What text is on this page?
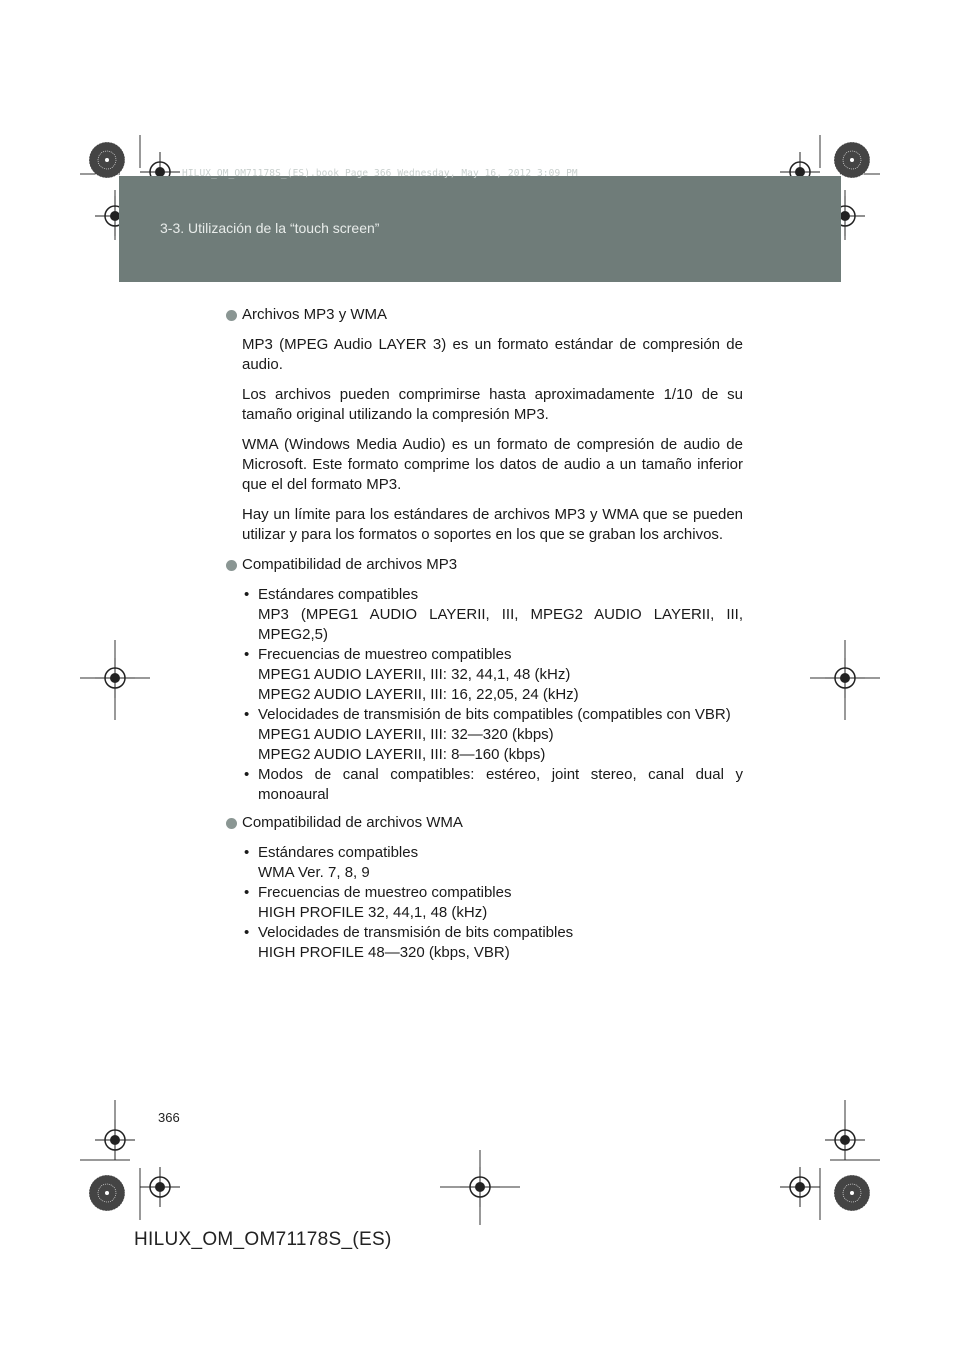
3-3. Utilización de la “touch screen”
HILUX_OM_OM71178S_(ES).book Page 366 Wednesday, May 16, 2012 3:09 PM
Archivos MP3 y WMA

MP3 (MPEG Audio LAYER 3) es un formato estándar de compresión de audio.

Los archivos pueden comprimirse hasta aproximadamente 1/10 de su tamaño original utilizando la compresión MP3.

WMA (Windows Media Audio) es un formato de compresión de audio de Microsoft. Este formato comprime los datos de audio a un tamaño inferior que el del formato MP3.

Hay un límite para los estándares de archivos MP3 y WMA que se pueden utilizar y para los formatos o soportes en los que se graban los archivos.

Compatibilidad de archivos MP3
• Estándares compatibles
MP3 (MPEG1 AUDIO LAYERII, III, MPEG2 AUDIO LAYERII, III, MPEG2,5)
• Frecuencias de muestreo compatibles
MPEG1 AUDIO LAYERII, III: 32, 44,1, 48 (kHz)
MPEG2 AUDIO LAYERII, III: 16, 22,05, 24 (kHz)
• Velocidades de transmisión de bits compatibles (compatibles con VBR)
MPEG1 AUDIO LAYERII, III: 32—320 (kbps)
MPEG2 AUDIO LAYERII, III: 8—160 (kbps)
• Modos de canal compatibles: estéreo, joint stereo, canal dual y monoaural
Compatibilidad de archivos WMA
• Estándares compatibles
WMA Ver. 7, 8, 9
• Frecuencias de muestreo compatibles
HIGH PROFILE 32, 44,1, 48 (kHz)
• Velocidades de transmisión de bits compatibles
HIGH PROFILE 48—320 (kbps, VBR)
366
HILUX_OM_OM71178S_(ES)
